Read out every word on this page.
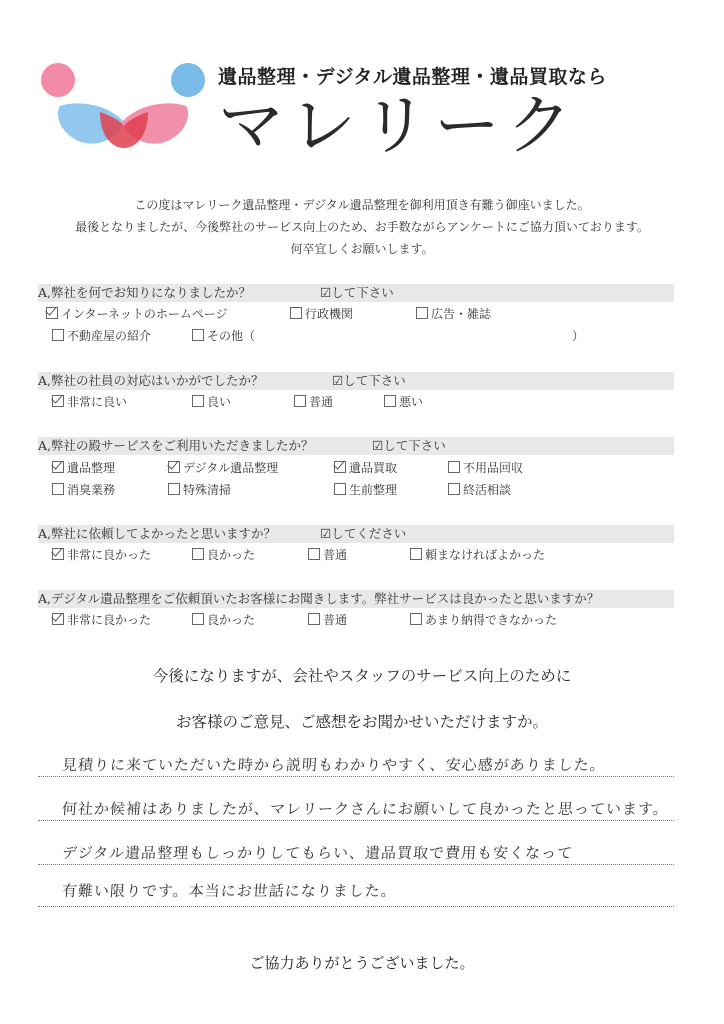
遺品整理・デジタル遺品整理・遺品買取なら
マレリーク
この度はマレリーク遺品整理・デジタル遺品整理を御利用頂き有難う御座いました。
最後となりましたが、今後弊社のサービス向上のため、お手数ながらアンケートにご協力頂いております。
何卒宜しくお願いします。
A,弊社を何でお知りになりましたか？	☑して下さい
インターネットのホームページ	行政機関	広告・雑誌
不動産屋の紹介	その他（	）
A,弊社の社員の対応はいかがでしたか？	☑して下さい
非常に良い	良い	普通	悪い
A,弊社の殿サービスをご利用いただきましたか？	☑して下さい
遺品整理	デジタル遺品整理	遺品買取	不用品回収
消臭業務	特殊清掃	生前整理	終活相談
A,弊社に依頼してよかったと思いますか？	☑してください
非常に良かった	良かった	普通	頼まなければよかった
A,デジタル遺品整理をご依頼頂いたお客様にお聞きします。弊社サービスは良かったと思いますか？
非常に良かった	良かった	普通	あまり納得できなかった
今後になりますが、会社やスタッフのサービス向上のために
お客様のご意見、ご感想をお聞かせいただけますか。
見積りに来ていただいた時から説明もわかりやすく、安心感がありました。
何社か候補はありましたが、マレリークさんにお願いして良かったと思っています。
デジタル遺品整理もしっかりしてもらい、遺品買取で費用も安くなって
有難い限りです。本当にお世話になりました。
ご協力ありがとうございました。
